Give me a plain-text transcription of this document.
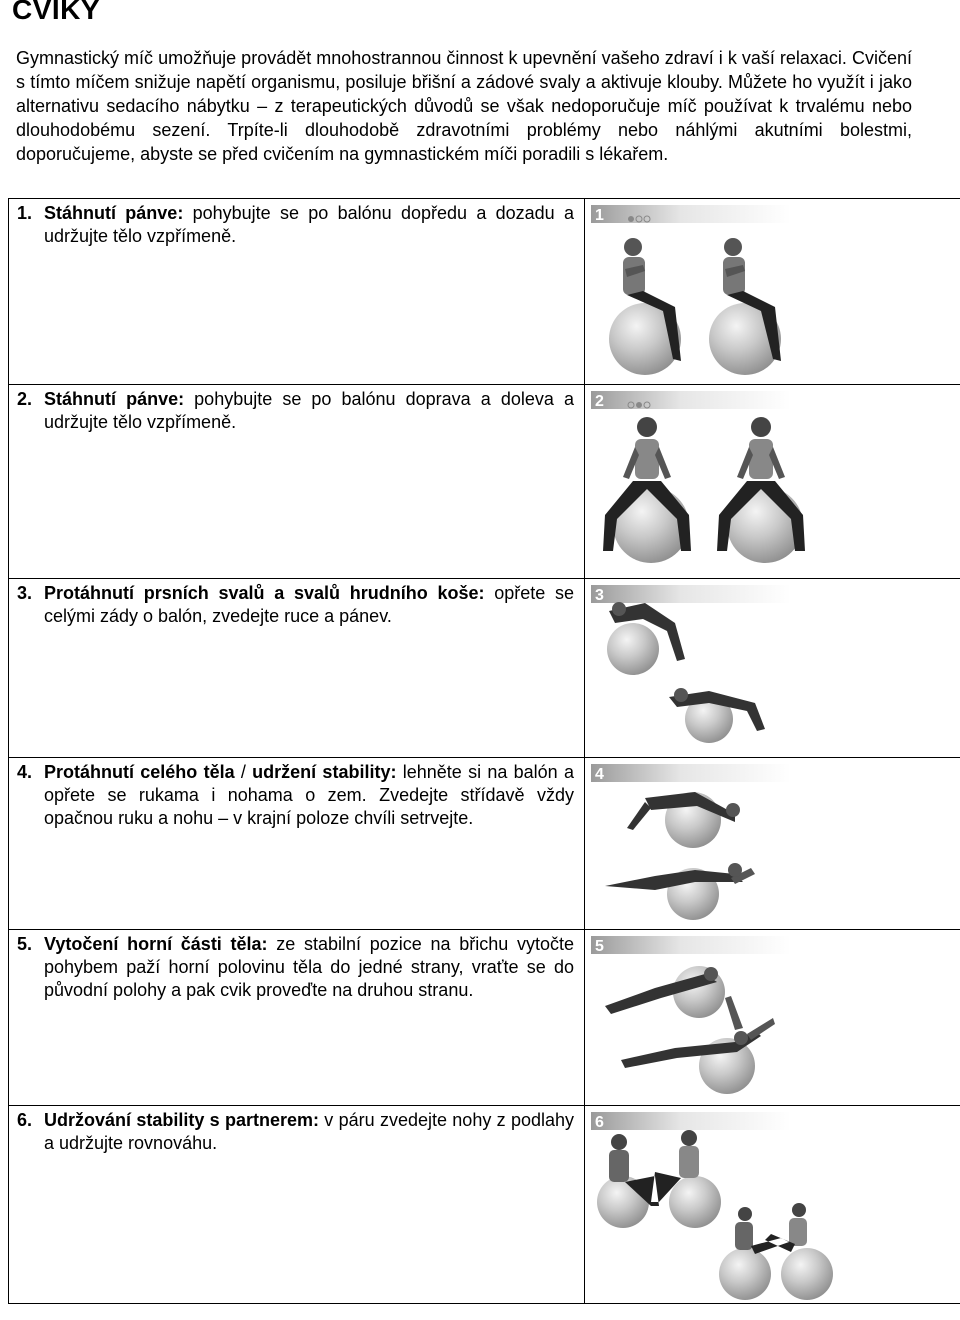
CVIKY
Gymnastický míč umožňuje provádět mnohostrannou činnost k upevnění vašeho zdraví i k vaší relaxaci. Cvičení s tímto míčem snižuje napětí organismu, posiluje břišní a zádové svaly a aktivuje klouby. Můžete ho využít i jako alternativu sedacího nábytku – z terapeutických důvodů se však nedoporučuje míč používat k trvalému nebo dlouhodobému sezení. Trpíte-li dlouhodobě zdravotními problémy nebo náhlými akutními bolestmi, doporučujeme, abyste se před cvičením na gymnastickém míči poradili s lékařem.
1. Stáhnutí pánve: pohybujte se po balónu dopředu a dozadu a udržujte tělo vzpřímeně.	1

2. Stáhnutí pánve: pohybujte se po balónu doprava a doleva a udržujte tělo vzpřímeně.	2

3. Protáhnutí prsních svalů a svalů hrudního koše: opřete se celými zády o balón, zvedejte ruce a pánev.	3

4. Protáhnutí celého těla / udržení stability: lehněte si na balón a opřete se rukama i nohama o zem. Zvedejte střídavě vždy opačnou ruku a nohu – v krajní poloze chvíli setrvejte.	4

5. Vytočení horní části těla: ze stabilní pozice na břichu vytočte pohybem paží horní polovinu těla do jedné strany, vraťte se do původní polohy a pak cvik proveďte na druhou stranu.	5

6. Udržování stability s partnerem: v páru zvedejte nohy z podlahy a udržujte rovnováhu.	6
